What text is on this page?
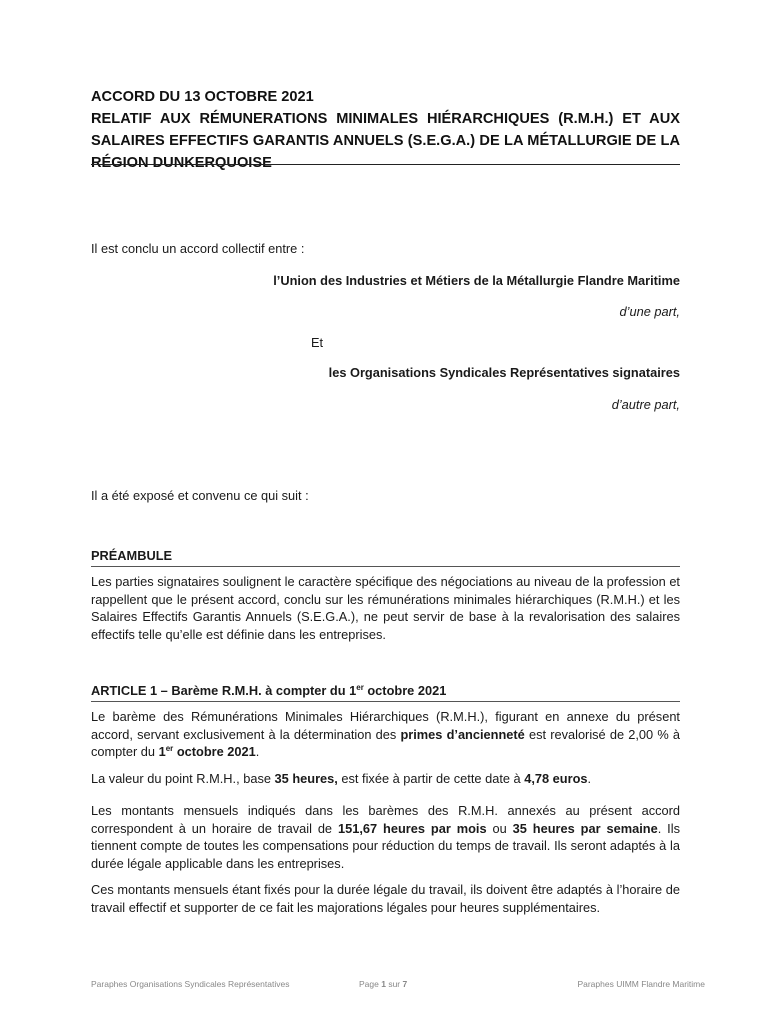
ACCORD DU 13 OCTOBRE 2021
RELATIF AUX RÉMUNERATIONS MINIMALES HIÉRARCHIQUES (R.M.H.) ET AUX SALAIRES EFFECTIFS GARANTIS ANNUELS (S.E.G.A.) DE LA MÉTALLURGIE DE LA RÉGION DUNKERQUOISE

Il est conclu un accord collectif entre :

l’Union des Industries et Métiers de la Métallurgie Flandre Maritime

d’une part,

Et

les Organisations Syndicales Représentatives signataires

d’autre part,

Il a été exposé et convenu ce qui suit :

PRÉAMBULE

Les parties signataires soulignent le caractère spécifique des négociations au niveau de la profession et rappellent que le présent accord, conclu sur les rémunérations minimales hiérarchiques (R.M.H.) et les Salaires Effectifs Garantis Annuels (S.E.G.A.), ne peut servir de base à la revalorisation des salaires effectifs telle qu’elle est définie dans les entreprises.

ARTICLE 1 – Barème R.M.H. à compter du 1er octobre 2021

Le barème des Rémunérations Minimales Hiérarchiques (R.M.H.), figurant en annexe du présent accord, servant exclusivement à la détermination des primes d’ancienneté est revalorisé de 2,00 % à compter du 1er octobre 2021.

La valeur du point R.M.H., base 35 heures, est fixée à partir de cette date à 4,78 euros.

Les montants mensuels indiqués dans les barèmes des R.M.H. annexés au présent accord correspondent à un horaire de travail de 151,67 heures par mois ou 35 heures par semaine. Ils tiennent compte de toutes les compensations pour réduction du temps de travail. Ils seront adaptés à la durée légale applicable dans les entreprises.

Ces montants mensuels étant fixés pour la durée légale du travail, ils doivent être adaptés à l’horaire de travail effectif et supporter de ce fait les majorations légales pour heures supplémentaires.

Paraphes Organisations Syndicales Représentatives	Page 1 sur 7	Paraphes UIMM Flandre Maritime
